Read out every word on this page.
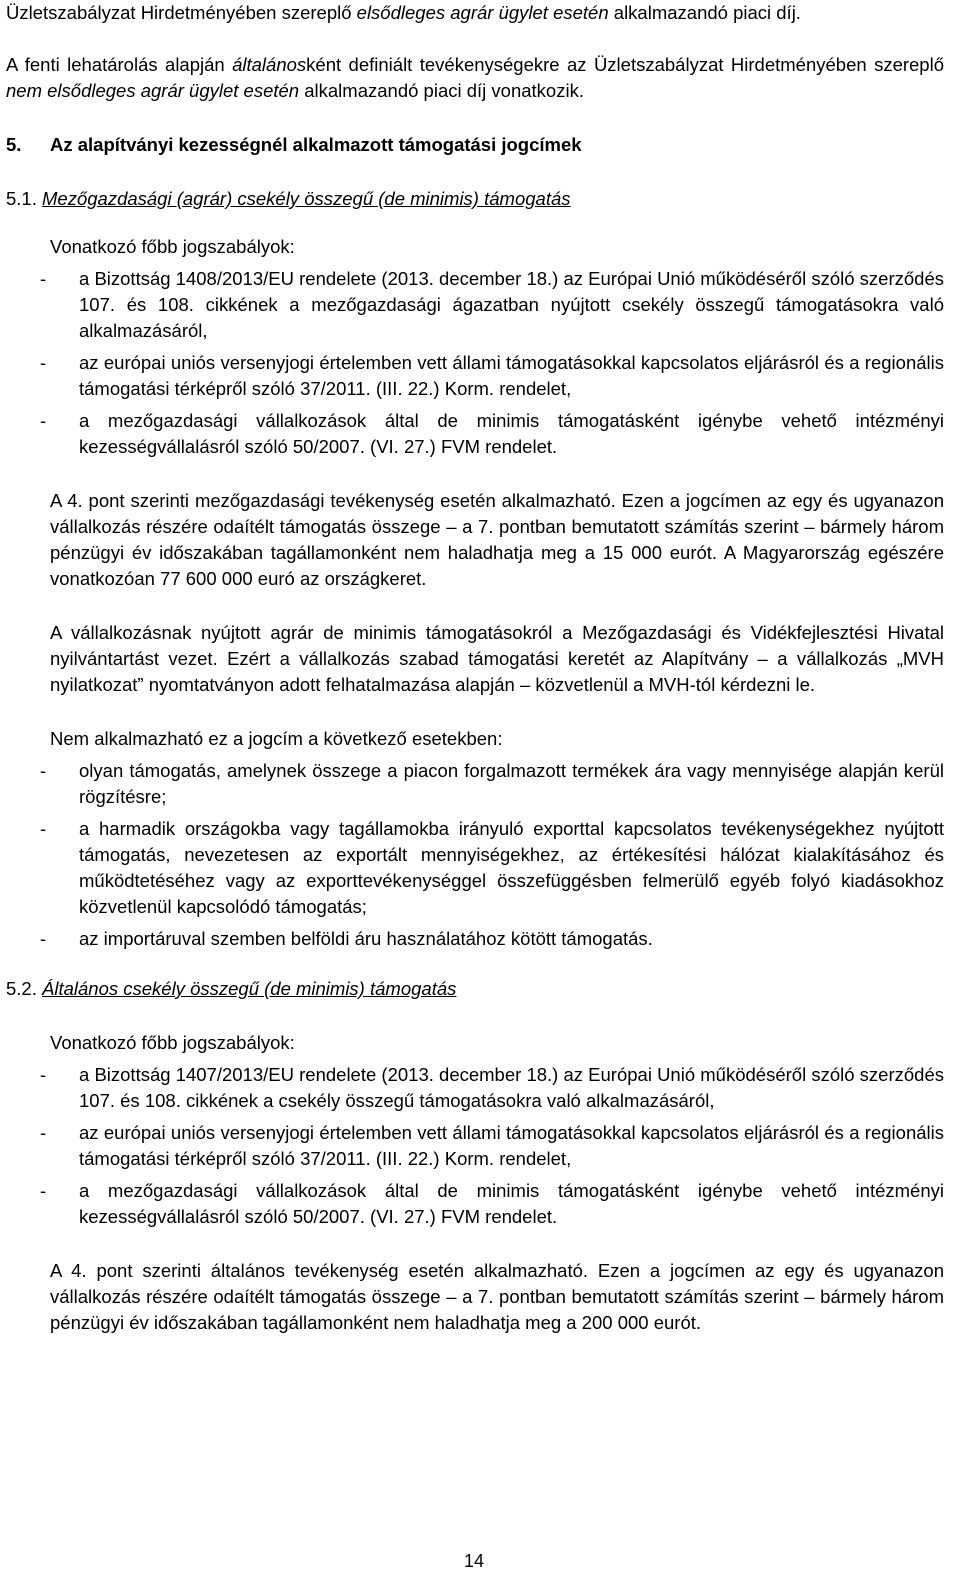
Üzletszabályzat Hirdetményében szereplő elsődleges agrár ügylet esetén alkalmazandó piaci díj.

A fenti lehatárolás alapján általánosként definiált tevékenységekre az Üzletszabályzat Hirdetményében szereplő nem elsődleges agrár ügylet esetén alkalmazandó piaci díj vonatkozik.

5. Az alapítványi kezességnél alkalmazott támogatási jogcímek
5.1. Mezőgazdasági (agrár) csekély összegű (de minimis) támogatás

Vonatkozó főbb jogszabályok:

- a Bizottság 1408/2013/EU rendelete (2013. december 18.) az Európai Unió működéséről szóló szerződés 107. és 108. cikkének a mezőgazdasági ágazatban nyújtott csekély összegű támogatásokra való alkalmazásáról,
- az európai uniós versenyjogi értelemben vett állami támogatásokkal kapcsolatos eljárásról és a regionális támogatási térképről szóló 37/2011. (III. 22.) Korm. rendelet,
- a mezőgazdasági vállalkozások által de minimis támogatásként igénybe vehető intézményi kezességvállalásról szóló 50/2007. (VI. 27.) FVM rendelet.

A 4. pont szerinti mezőgazdasági tevékenység esetén alkalmazható. Ezen a jogcímen az egy és ugyanazon vállalkozás részére odaítélt támogatás összege – a 7. pontban bemutatott számítás szerint – bármely három pénzügyi év időszakában tagállamonként nem haladhatja meg a 15 000 eurót. A Magyarország egészére vonatkozóan 77 600 000 euró az országkeret.

A vállalkozásnak nyújtott agrár de minimis támogatásokról a Mezőgazdasági és Vidékfejlesztési Hivatal nyilvántartást vezet. Ezért a vállalkozás szabad támogatási keretét az Alapítvány – a vállalkozás „MVH nyilatkozat” nyomtatványon adott felhatalmazása alapján – közvetlenül a MVH-tól kérdezni le.

Nem alkalmazható ez a jogcím a következő esetekben:

- olyan támogatás, amelynek összege a piacon forgalmazott termékek ára vagy mennyisége alapján kerül rögzítésre;
- a harmadik országokba vagy tagállamokba irányuló exporttal kapcsolatos tevékenységekhez nyújtott támogatás, nevezetesen az exportált mennyiségekhez, az értékesítési hálózat kialakításához és működtetéséhez vagy az exporttevékenységgel összefüggésben felmerülő egyéb folyó kiadásokhoz közvetlenül kapcsolódó támogatás;
- az importáruval szemben belföldi áru használatához kötött támogatás.
5.2. Általános csekély összegű (de minimis) támogatás

Vonatkozó főbb jogszabályok:

- a Bizottság 1407/2013/EU rendelete (2013. december 18.) az Európai Unió működéséről szóló szerződés 107. és 108. cikkének a csekély összegű támogatásokra való alkalmazásáról,
- az európai uniós versenyjogi értelemben vett állami támogatásokkal kapcsolatos eljárásról és a regionális támogatási térképről szóló 37/2011. (III. 22.) Korm. rendelet,
- a mezőgazdasági vállalkozások által de minimis támogatásként igénybe vehető intézményi kezességvállalásról szóló 50/2007. (VI. 27.) FVM rendelet.

A 4. pont szerinti általános tevékenység esetén alkalmazható. Ezen a jogcímen az egy és ugyanazon vállalkozás részére odaítélt támogatás összege – a 7. pontban bemutatott számítás szerint – bármely három pénzügyi év időszakában tagállamonként nem haladhatja meg a 200 000 eurót.

14
